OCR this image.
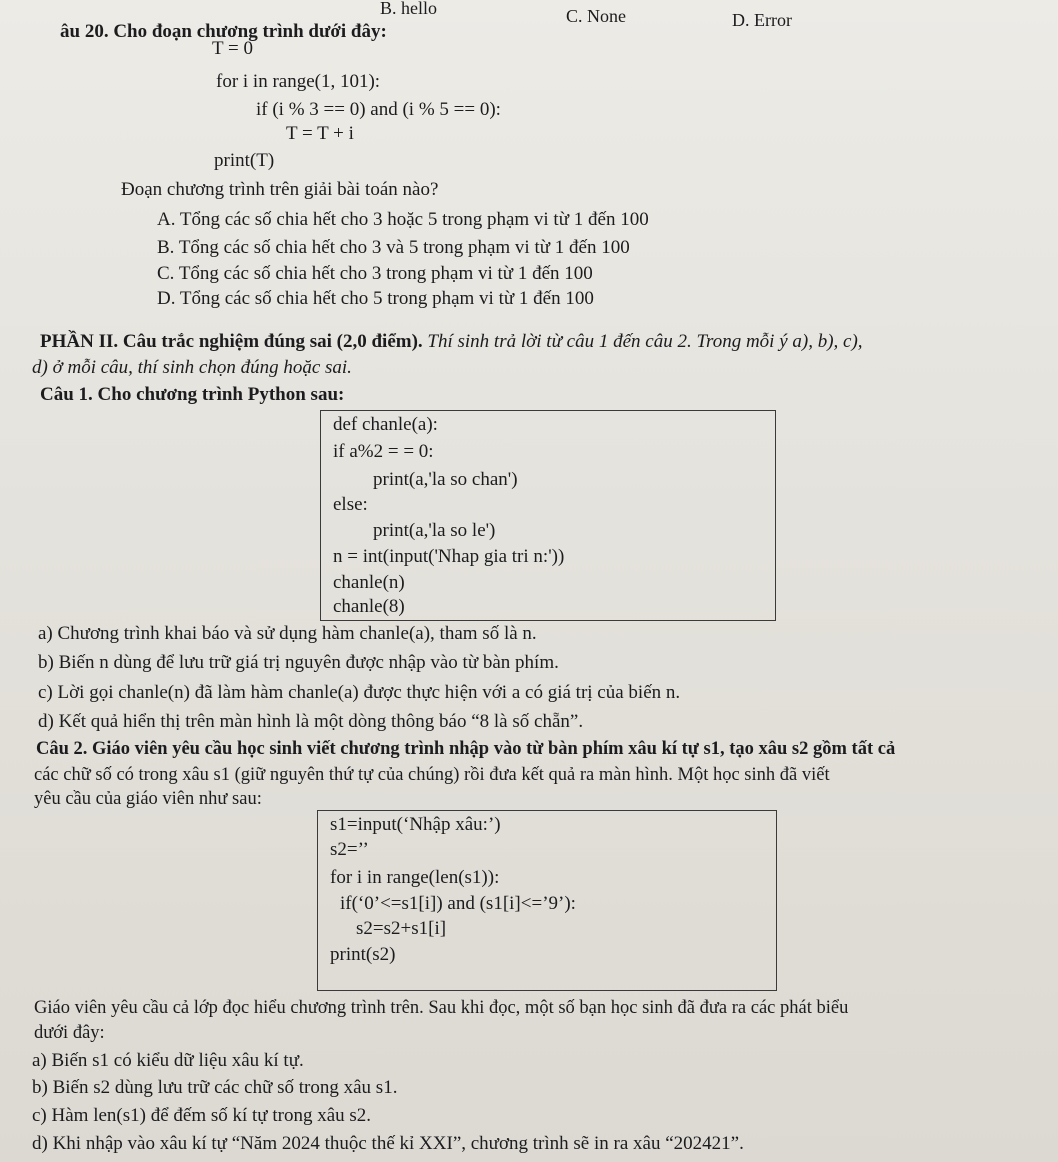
B. hello	C. None	D. Error
âu 20. Cho đoạn chương trình dưới đây:
T = 0
for i in range(1, 101):
if (i % 3 == 0) and (i % 5 == 0):
T = T + i
print(T)
Đoạn chương trình trên giải bài toán nào?
A. Tổng các số chia hết cho 3 hoặc 5 trong phạm vi từ 1 đến 100
B. Tổng các số chia hết cho 3 và 5 trong phạm vi từ 1 đến 100
C. Tổng các số chia hết cho 3 trong phạm vi từ 1 đến 100
D. Tổng các số chia hết cho 5 trong phạm vi từ 1 đến 100
PHẦN II. Câu trắc nghiệm đúng sai (2,0 điểm). Thí sinh trả lời từ câu 1 đến câu 2. Trong mỗi ý a), b), c),
d) ở mỗi câu, thí sinh chọn đúng hoặc sai.
Câu 1. Cho chương trình Python sau:
def chanle(a):
if a%2 = = 0:
print(a,'la so chan')
else:
print(a,'la so le')
n = int(input('Nhap gia tri n:'))
chanle(n)
chanle(8)
a) Chương trình khai báo và sử dụng hàm chanle(a), tham số là n.
b) Biến n dùng để lưu trữ giá trị nguyên được nhập vào từ bàn phím.
c) Lời gọi chanle(n) đã làm hàm chanle(a) được thực hiện với a có giá trị của biến n.
d) Kết quả hiển thị trên màn hình là một dòng thông báo “8 là số chẵn”.
Câu 2. Giáo viên yêu cầu học sinh viết chương trình nhập vào từ bàn phím xâu kí tự s1, tạo xâu s2 gồm tất cả
các chữ số có trong xâu s1 (giữ nguyên thứ tự của chúng) rồi đưa kết quả ra màn hình. Một học sinh đã viết
yêu cầu của giáo viên như sau:
s1=input(‘Nhập xâu:’)
s2=’’
for i in range(len(s1)):
if(‘0’<=s1[i]) and (s1[i]<=’9’):
s2=s2+s1[i]
print(s2)
Giáo viên yêu cầu cả lớp đọc hiểu chương trình trên. Sau khi đọc, một số bạn học sinh đã đưa ra các phát biểu
dưới đây:
a) Biến s1 có kiểu dữ liệu xâu kí tự.
b) Biến s2 dùng lưu trữ các chữ số trong xâu s1.
c) Hàm len(s1) để đếm số kí tự trong xâu s2.
d) Khi nhập vào xâu kí tự “Năm 2024 thuộc thế kỉ XXI”, chương trình sẽ in ra xâu “202421”.
